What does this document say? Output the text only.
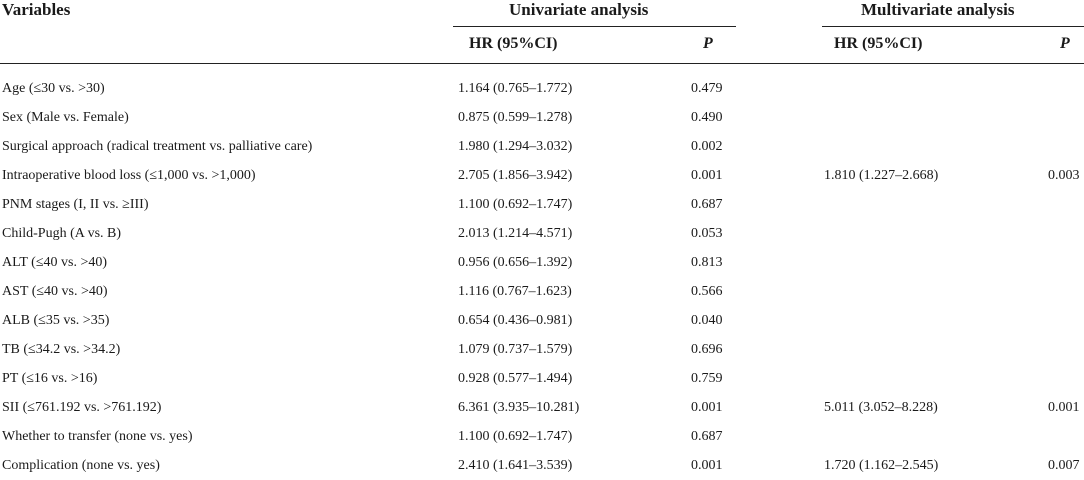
Variables	Univariate analysis	Multivariate analysis
HR (95%CI)	P	HR (95%CI)	P
Age (≤30 vs. >30)	1.164 (0.765–1.772)	0.479
Sex (Male vs. Female)	0.875 (0.599–1.278)	0.490
Surgical approach (radical treatment vs. palliative care)	1.980 (1.294–3.032)	0.002
Intraoperative blood loss (≤1,000 vs. >1,000)	2.705 (1.856–3.942)	0.001	1.810 (1.227–2.668)	0.003
PNM stages (I, II vs. ≥III)	1.100 (0.692–1.747)	0.687
Child-Pugh (A vs. B)	2.013 (1.214–4.571)	0.053
ALT (≤40 vs. >40)	0.956 (0.656–1.392)	0.813
AST (≤40 vs. >40)	1.116 (0.767–1.623)	0.566
ALB (≤35 vs. >35)	0.654 (0.436–0.981)	0.040
TB (≤34.2 vs. >34.2)	1.079 (0.737–1.579)	0.696
PT (≤16 vs. >16)	0.928 (0.577–1.494)	0.759
SII (≤761.192 vs. >761.192)	6.361 (3.935–10.281)	0.001	5.011 (3.052–8.228)	0.001
Whether to transfer (none vs. yes)	1.100 (0.692–1.747)	0.687
Complication (none vs. yes)	2.410 (1.641–3.539)	0.001	1.720 (1.162–2.545)	0.007
